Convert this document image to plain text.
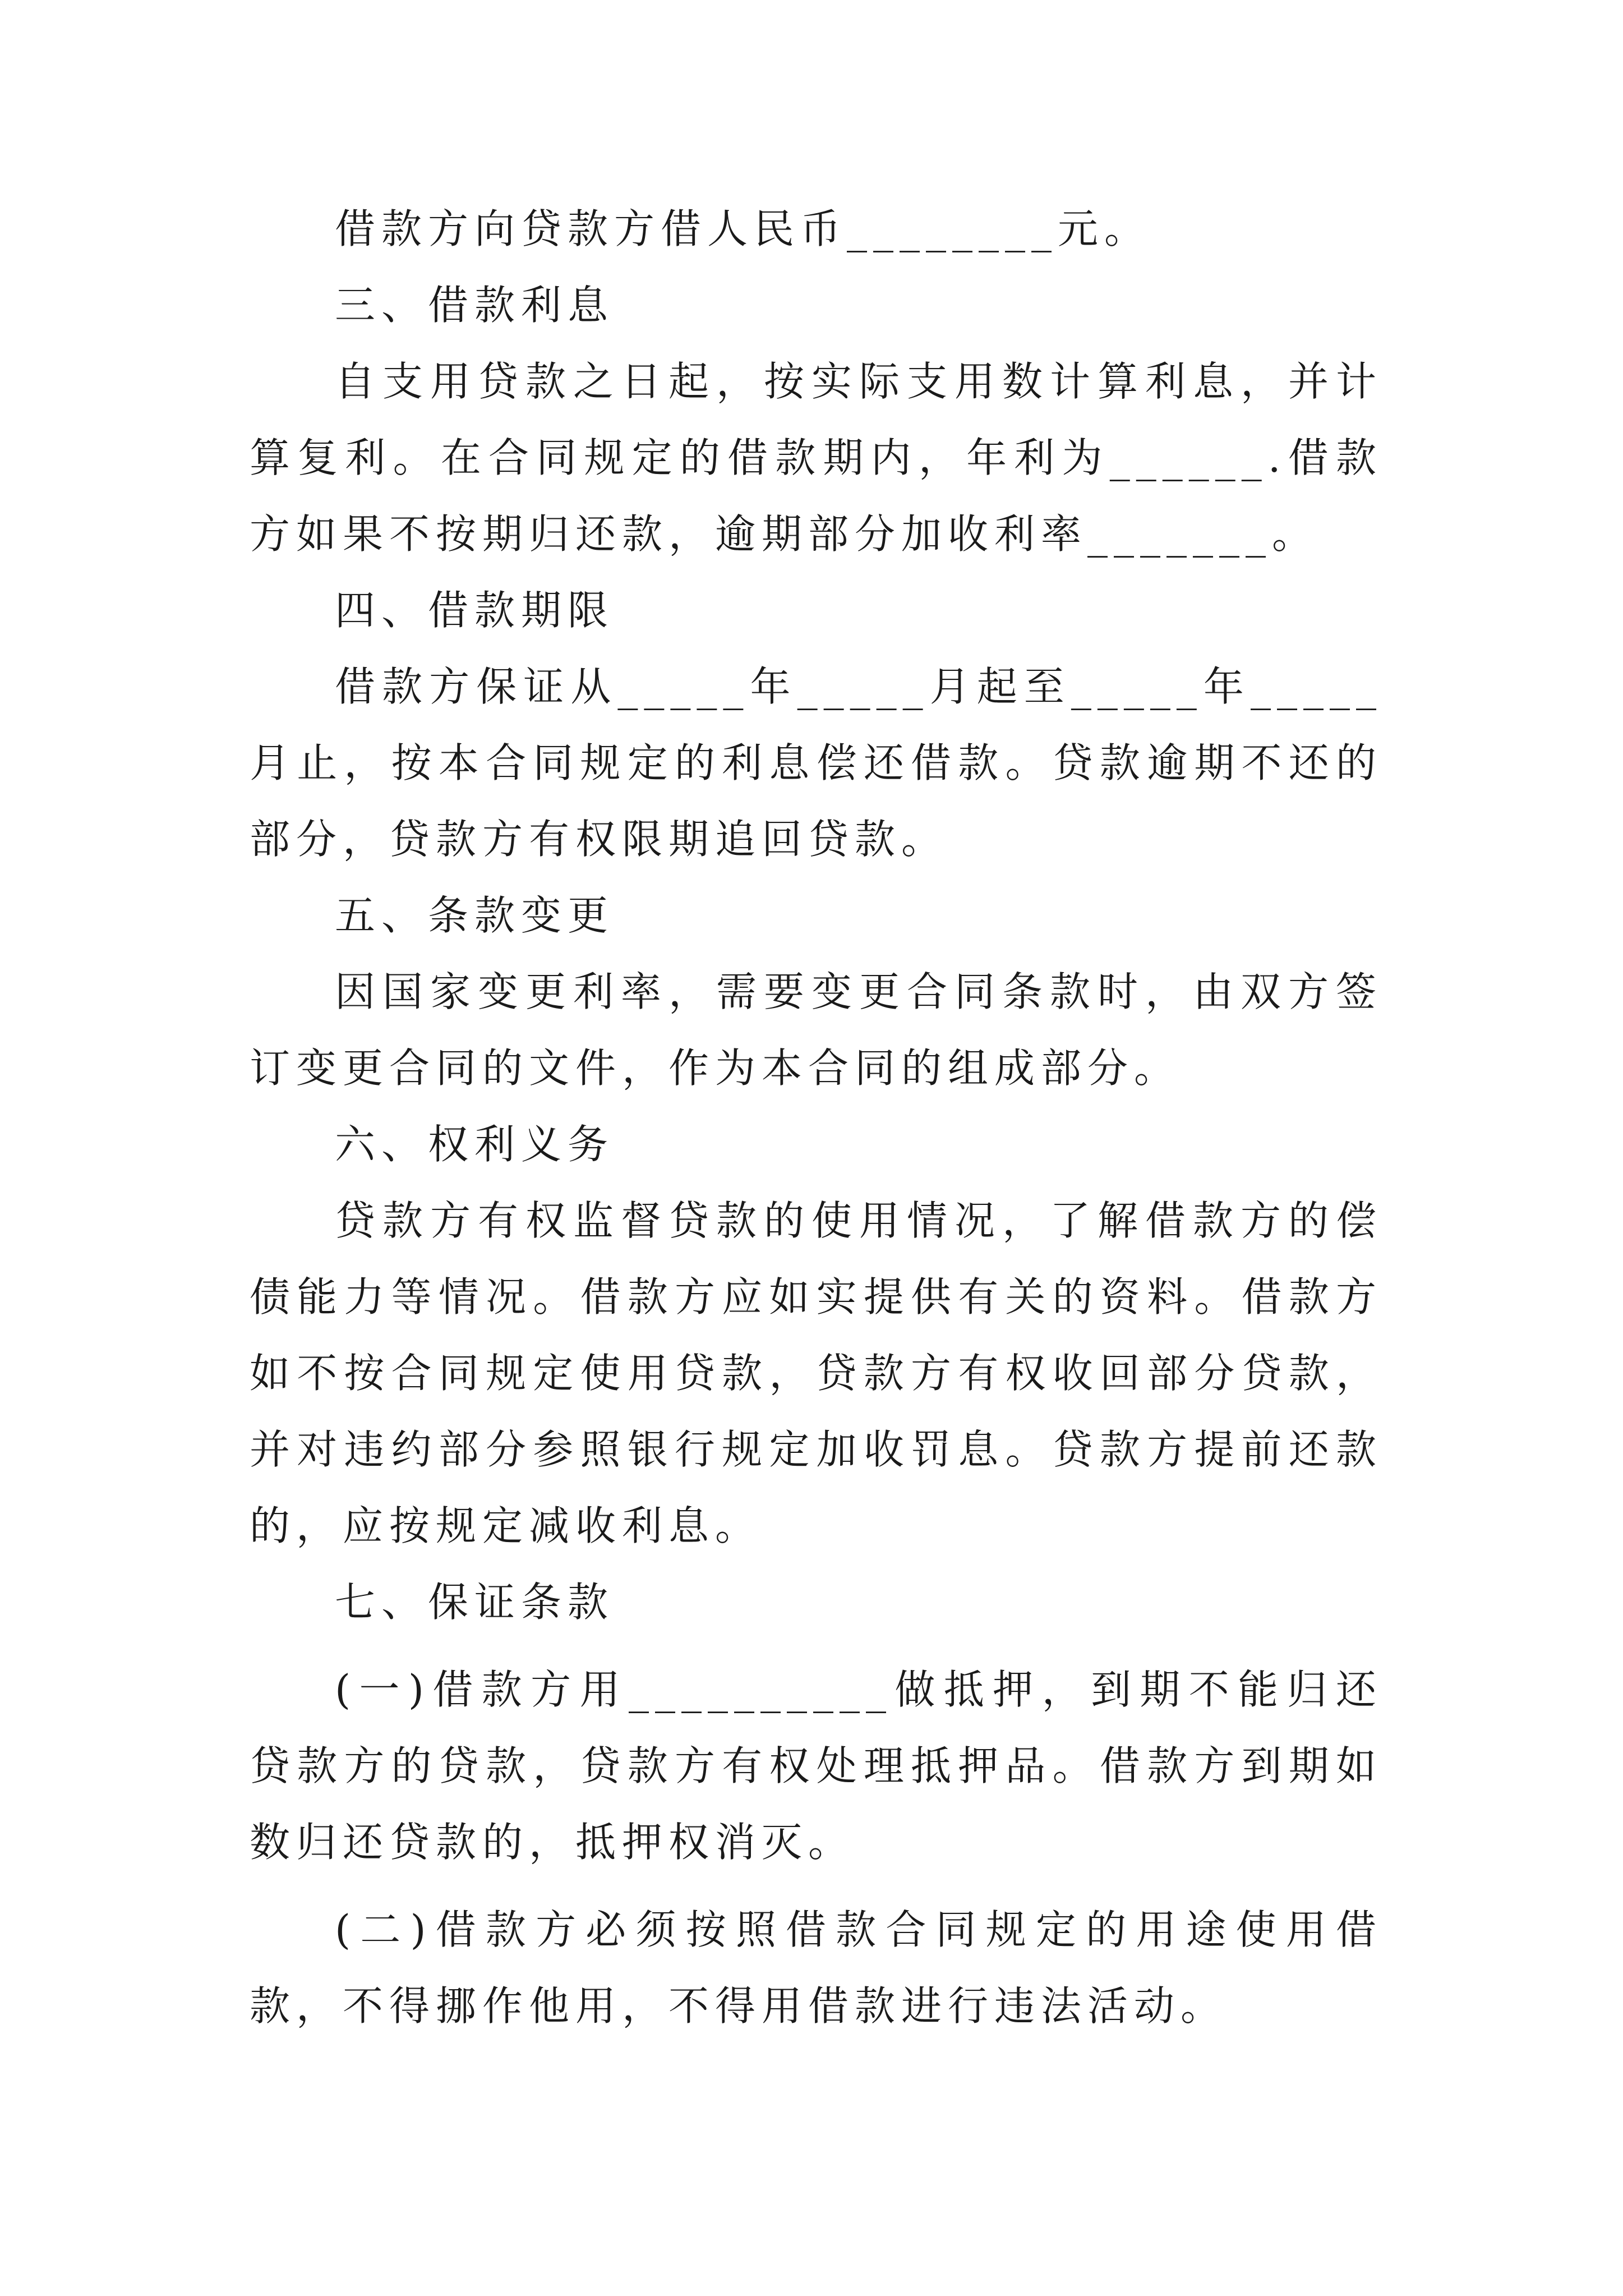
借款方向贷款方借人民币________元。

三、借款利息

自支用贷款之日起，按实际支用数计算利息，并计算复利。在合同规定的借款期内，年利为______.借款方如果不按期归还款，逾期部分加收利率_______。

四、借款期限

借款方保证从_____年_____月起至_____年_____月止，按本合同规定的利息偿还借款。贷款逾期不还的部分，贷款方有权限期追回贷款。

五、条款变更

因国家变更利率，需要变更合同条款时，由双方签订变更合同的文件，作为本合同的组成部分。

六、权利义务

贷款方有权监督贷款的使用情况，了解借款方的偿债能力等情况。借款方应如实提供有关的资料。借款方如不按合同规定使用贷款，贷款方有权收回部分贷款，并对违约部分参照银行规定加收罚息。贷款方提前还款的，应按规定减收利息。

七、保证条款

(一)借款方用__________做抵押，到期不能归还贷款方的贷款，贷款方有权处理抵押品。借款方到期如数归还贷款的，抵押权消灭。

(二)借款方必须按照借款合同规定的用途使用借款，不得挪作他用，不得用借款进行违法活动。
